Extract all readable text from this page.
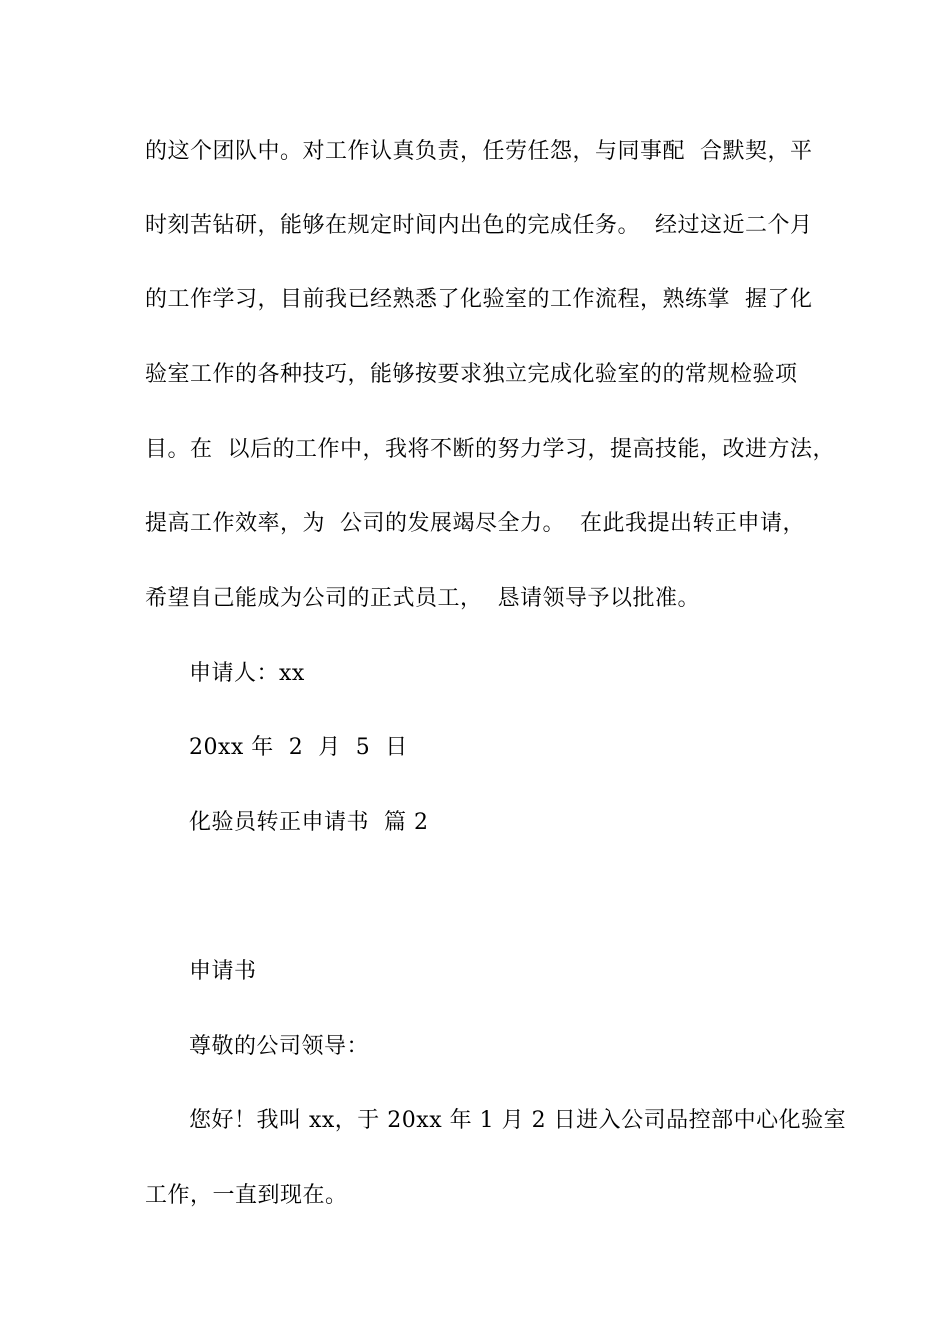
的这个团队中。对工作认真负责，任劳任怨，与同事配  合默契，平
时刻苦钻研，能够在规定时间内出色的完成任务。  经过这近二个月
的工作学习，目前我已经熟悉了化验室的工作流程，熟练掌  握了化
验室工作的各种技巧，能够按要求独立完成化验室的的常规检验项
目。在  以后的工作中，我将不断的努力学习，提高技能，改进方法，
提高工作效率，为  公司的发展竭尽全力。  在此我提出转正申请，
希望自己能成为公司的正式员工，  恳请领导予以批准。
申请人：xx
20xx 年  2  月  5  日
化验员转正申请书  篇 2
申请书
尊敬的公司领导：
您好！我叫 xx，于 20xx 年 1 月 2 日进入公司品控部中心化验室
工作，一直到现在。
